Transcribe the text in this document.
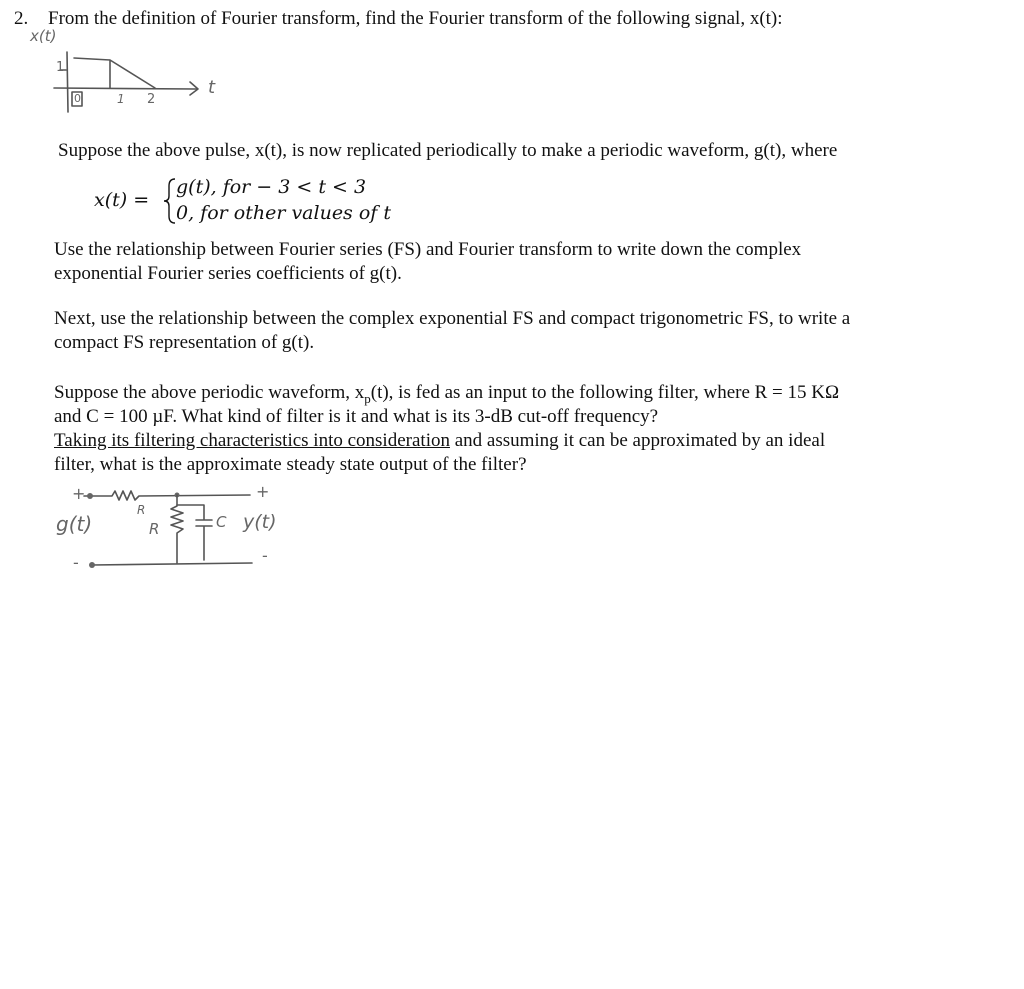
2. From the definition of Fourier transform, find the Fourier transform of the following signal, x(t):
x(t)
1
0	1 2
t
Suppose the above pulse, x(t), is now replicated periodically to make a periodic waveform, g(t), where
x(t) =
g(t), for − 3 < t < 3
0, for other values of t
Use the relationship between Fourier series (FS) and Fourier transform to write down the complex
exponential Fourier series coefficients of g(t).
Next, use the relationship between the complex exponential FS and compact trigonometric FS, to write a
compact FS representation of g(t).
Suppose the above periodic waveform, $x_p(t)$, is fed as an input to the following filter, where R = 15 KΩ
and C = 100 µF. What kind of filter is it and what is its 3-dB cut-off frequency?
Taking its filtering characteristics into consideration and assuming it can be approximated by an ideal
filter, what is the approximate steady state output of the filter?
+
-
g(t)
R
R	C
+
y(t)
-
